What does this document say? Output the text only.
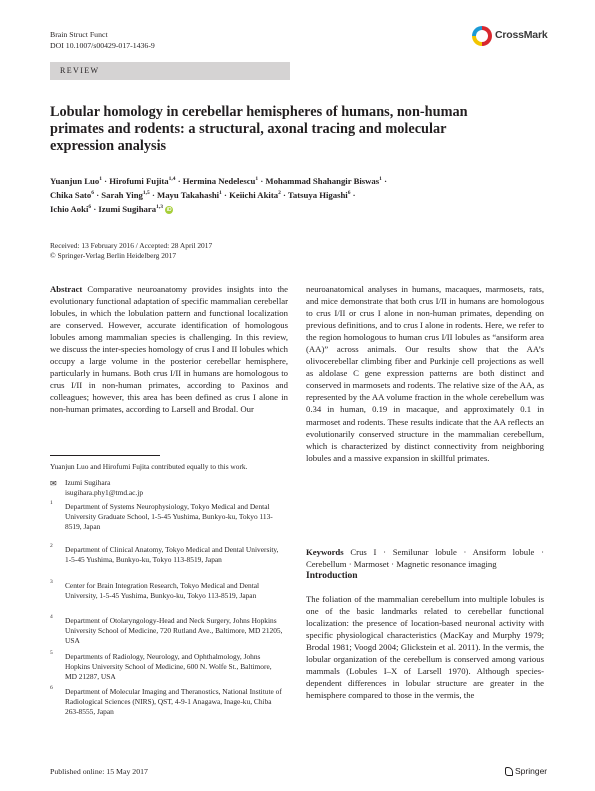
Brain Struct Funct
DOI 10.1007/s00429-017-1436-9
CrossMark
REVIEW
Lobular homology in cerebellar hemispheres of humans, non-human primates and rodents: a structural, axonal tracing and molecular expression analysis
Yuanjun Luo$^1$ · Hirofumi Fujita$^{1,4}$ · Hermina Nedelescu$^1$ · Mohammad Shahangir Biswas$^1$ ·
Chika Sato$^6$ · Sarah Ying$^{1,5}$ · Mayu Takahashi$^1$ · Keiichi Akita$^2$ · Tatsuya Higashi$^6$ ·
Ichio Aoki$^6$ · Izumi Sugihara$^{1,3}$ iD
Received: 13 February 2016 / Accepted: 28 April 2017
© Springer-Verlag Berlin Heidelberg 2017
Abstract Comparative neuroanatomy provides insights into the evolutionary functional adaptation of specific mammalian cerebellar lobules, in which the lobulation pattern and functional localization are conserved. However, accurate identification of homologous lobules among mammalian species is challenging. In this review, we discuss the inter-species homology of crus I and II lobules which occupy a large volume in the posterior cerebellar hemisphere, particularly in humans. Both crus I/II in humans are homologous to crus I/II in non-human primates, according to Paxinos and colleagues; however, this area has been defined as crus I alone in non-human primates, according to Larsell and Brodal. Our
neuroanatomical analyses in humans, macaques, marmosets, rats, and mice demonstrate that both crus I/II in humans are homologous to crus I/II or crus I alone in non-human primates, depending on previous definitions, and to crus I alone in rodents. Here, we refer to the region homologous to human crus I/II lobules as “ansiform area (AA)” across animals. Our results show that the AA’s olivocerebellar climbing fiber and Purkinje cell projections as well as aldolase C gene expression patterns are both distinct and conserved in marmosets and rodents. The relative size of the AA, as represented by the AA volume fraction in the whole cerebellum was 0.34 in human, 0.19 in macaque, and approximately 0.1 in marmoset and rodents. These results indicate that the AA reflects an evolutionarily conserved structure in the mammalian cerebellum, which is characterized by distinct connectivity from neighboring lobules and a massive expansion in skillful primates.
Yuanjun Luo and Hirofumi Fujita contributed equally to this work.
✉ Izumi Sugihara
isugihara.phy1@tmd.ac.jp
1 Department of Systems Neurophysiology, Tokyo Medical and Dental University Graduate School, 1-5-45 Yushima, Bunkyo-ku, Tokyo 113-8519, Japan
2 Department of Clinical Anatomy, Tokyo Medical and Dental University, 1-5-45 Yushima, Bunkyo-ku, Tokyo 113-8519, Japan
3 Center for Brain Integration Research, Tokyo Medical and Dental University, 1-5-45 Yushima, Bunkyo-ku, Tokyo 113-8519, Japan
4 Department of Otolaryngology-Head and Neck Surgery, Johns Hopkins University School of Medicine, 720 Rutland Ave., Baltimore, MD 21205, USA
5 Departments of Radiology, Neurology, and Ophthalmology, Johns Hopkins University School of Medicine, 600 N. Wolfe St., Baltimore, MD 21287, USA
6 Department of Molecular Imaging and Theranostics, National Institute of Radiological Sciences (NIRS), QST, 4-9-1 Anagawa, Inage-ku, Chiba 263-8555, Japan
Keywords Crus I · Semilunar lobule · Ansiform lobule · Cerebellum · Marmoset · Magnetic resonance imaging
Introduction
The foliation of the mammalian cerebellum into multiple lobules is one of the basic landmarks related to cerebellar functional localization: the presence of location-based neuronal activity with specific physiological characteristics (MacKay and Murphy 1979; Brodal 1981; Voogd 2004; Glickstein et al. 2011). In the vermis, the lobular organization of the cerebellum is conserved among various mammals (Lobules I–X of Larsell 1970). Although species-dependent differences in lobular structure are greater in the hemisphere compared to those in the vermis, the
Published online: 15 May 2017	Springer
